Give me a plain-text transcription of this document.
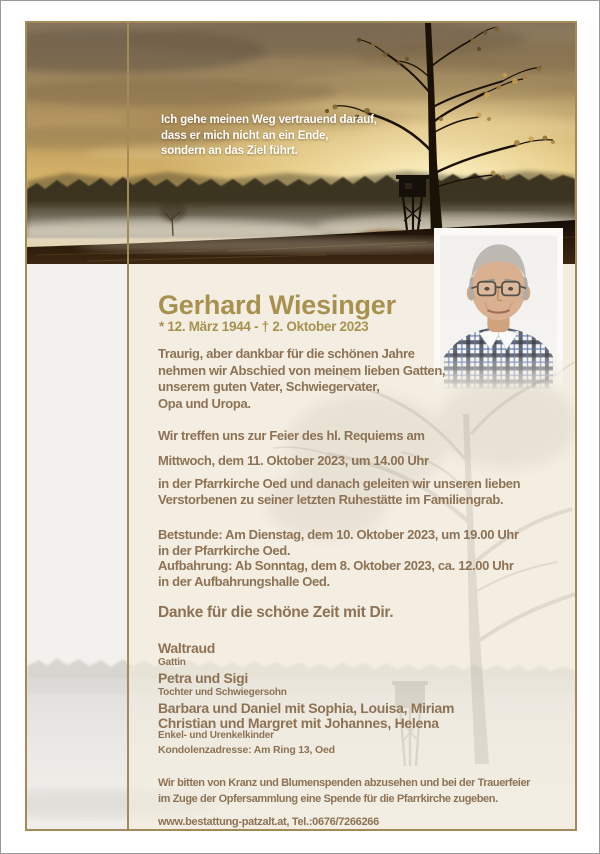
Ich gehe meinen Weg vertrauend darauf,
dass er mich nicht an ein Ende,
sondern an das Ziel führt.
Gerhard Wiesinger
* 12. März 1944 - † 2. Oktober 2023
Traurig, aber dankbar für die schönen Jahre
nehmen wir Abschied von meinem lieben Gatten,
unserem guten Vater, Schwiegervater,
Opa und Uropa.
Wir treffen uns zur Feier des hl. Requiems am
Mittwoch, dem 11. Oktober 2023, um 14.00 Uhr
in der Pfarrkirche Oed und danach geleiten wir unseren lieben
Verstorbenen zu seiner letzten Ruhestätte im Familiengrab.
Betstunde: Am Dienstag, dem 10. Oktober 2023, um 19.00 Uhr
in der Pfarrkirche Oed.
Aufbahrung: Ab Sonntag, dem 8. Oktober 2023, ca. 12.00 Uhr
in der Aufbahrungshalle Oed.
Danke für die schöne Zeit mit Dir.
Waltraud
Gattin
Petra und Sigi
Tochter und Schwiegersohn
Barbara und Daniel mit Sophia, Louisa, Miriam
Christian und Margret mit Johannes, Helena
Enkel- und Urenkelkinder
Kondolenzadresse: Am Ring 13, Oed
Wir bitten von Kranz und Blumenspenden abzusehen und bei der Trauerfeier
im Zuge der Opfersammlung eine Spende für die Pfarrkirche zugeben.
www.bestattung-patzalt.at, Tel.:0676/7266266
